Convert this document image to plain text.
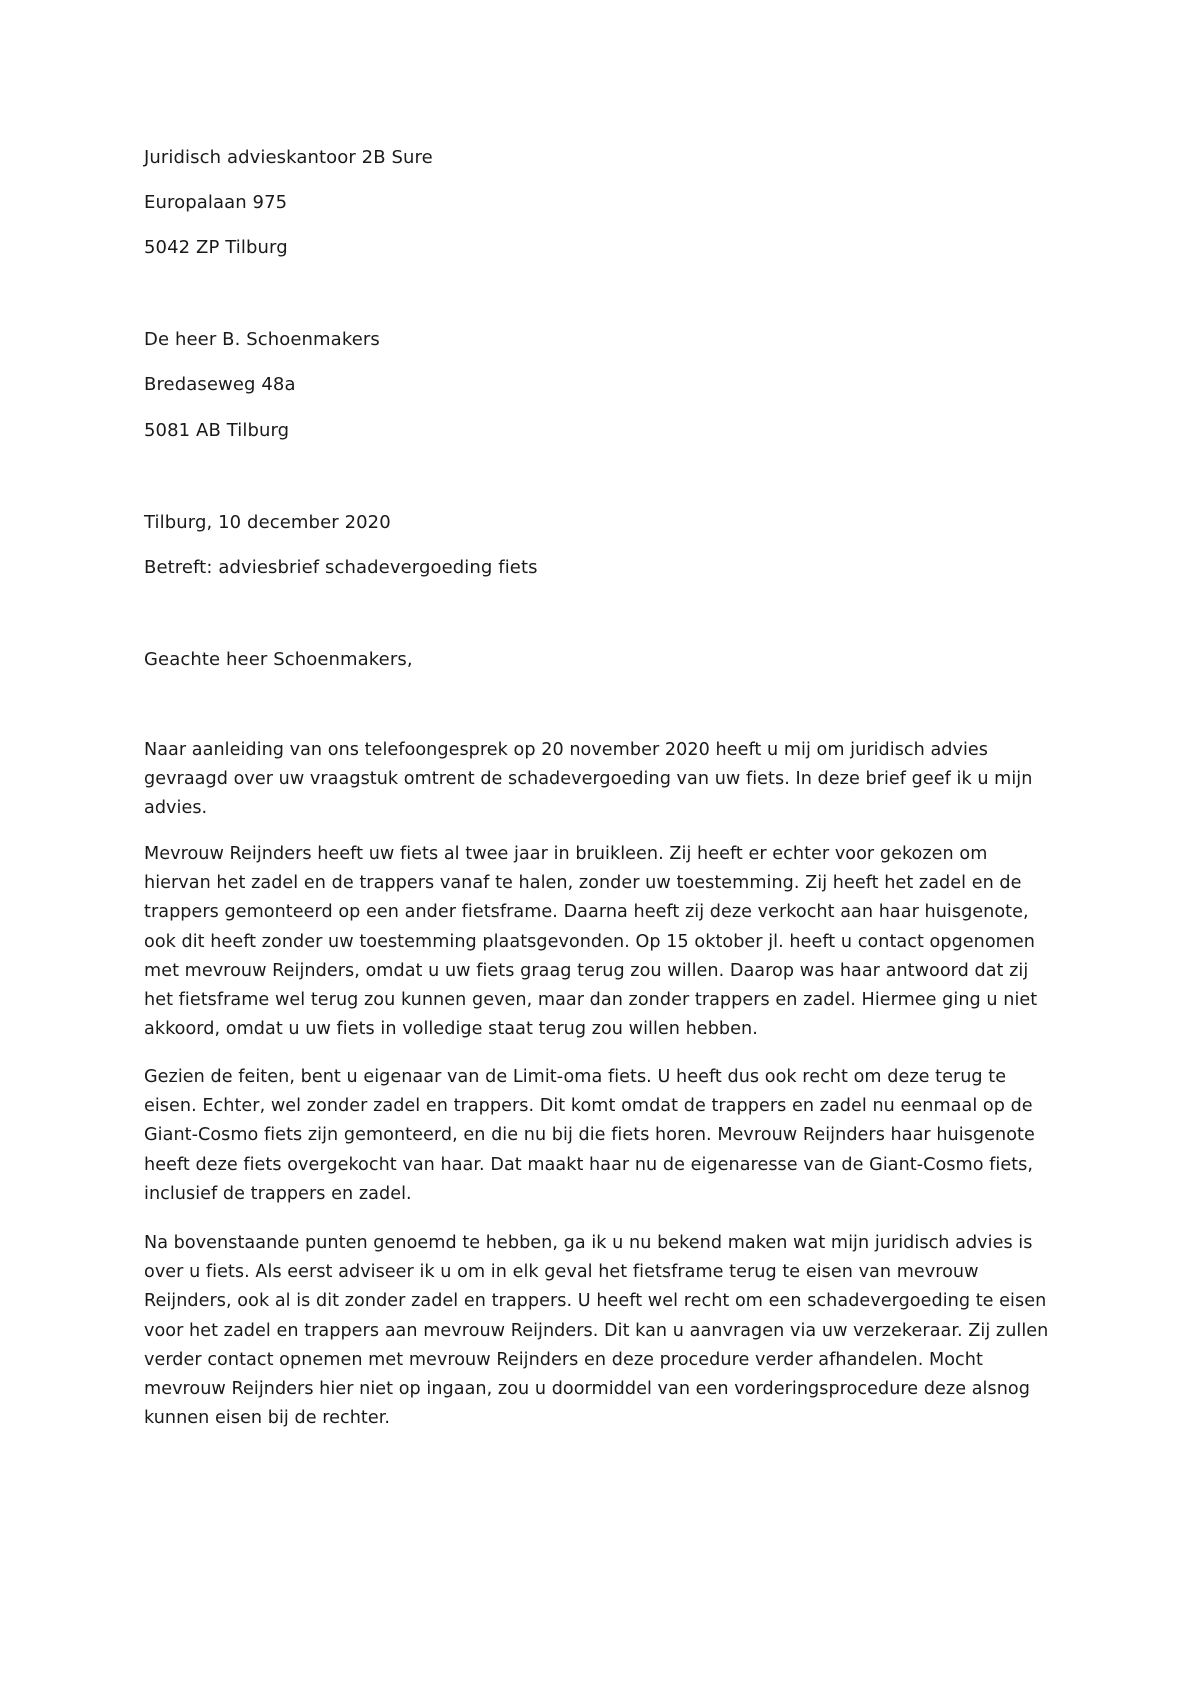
Juridisch advieskantoor 2B Sure
Europalaan 975
5042 ZP Tilburg
De heer B. Schoenmakers
Bredaseweg 48a
5081 AB Tilburg
Tilburg, 10 december 2020
Betreft: adviesbrief schadevergoeding fiets
Geachte heer Schoenmakers,

Naar aanleiding van ons telefoongesprek op 20 november 2020 heeft u mij om juridisch advies gevraagd over uw vraagstuk omtrent de schadevergoeding van uw fiets. In deze brief geef ik u mijn advies.

Mevrouw Reijnders heeft uw fiets al twee jaar in bruikleen. Zij heeft er echter voor gekozen om hiervan het zadel en de trappers vanaf te halen, zonder uw toestemming. Zij heeft het zadel en de trappers gemonteerd op een ander fietsframe. Daarna heeft zij deze verkocht aan haar huisgenote, ook dit heeft zonder uw toestemming plaatsgevonden. Op 15 oktober jl. heeft u contact opgenomen met mevrouw Reijnders, omdat u uw fiets graag terug zou willen. Daarop was haar antwoord dat zij het fietsframe wel terug zou kunnen geven, maar dan zonder trappers en zadel. Hiermee ging u niet akkoord, omdat u uw fiets in volledige staat terug zou willen hebben.

Gezien de feiten, bent u eigenaar van de Limit-oma fiets. U heeft dus ook recht om deze terug te eisen. Echter, wel zonder zadel en trappers. Dit komt omdat de trappers en zadel nu eenmaal op de Giant-Cosmo fiets zijn gemonteerd, en die nu bij die fiets horen. Mevrouw Reijnders haar huisgenote heeft deze fiets overgekocht van haar. Dat maakt haar nu de eigenaresse van de Giant-Cosmo fiets, inclusief de trappers en zadel.

Na bovenstaande punten genoemd te hebben, ga ik u nu bekend maken wat mijn juridisch advies is over u fiets. Als eerst adviseer ik u om in elk geval het fietsframe terug te eisen van mevrouw Reijnders, ook al is dit zonder zadel en trappers. U heeft wel recht om een schadevergoeding te eisen voor het zadel en trappers aan mevrouw Reijnders. Dit kan u aanvragen via uw verzekeraar. Zij zullen verder contact opnemen met mevrouw Reijnders en deze procedure verder afhandelen. Mocht mevrouw Reijnders hier niet op ingaan, zou u doormiddel van een vorderingsprocedure deze alsnog kunnen eisen bij de rechter.
